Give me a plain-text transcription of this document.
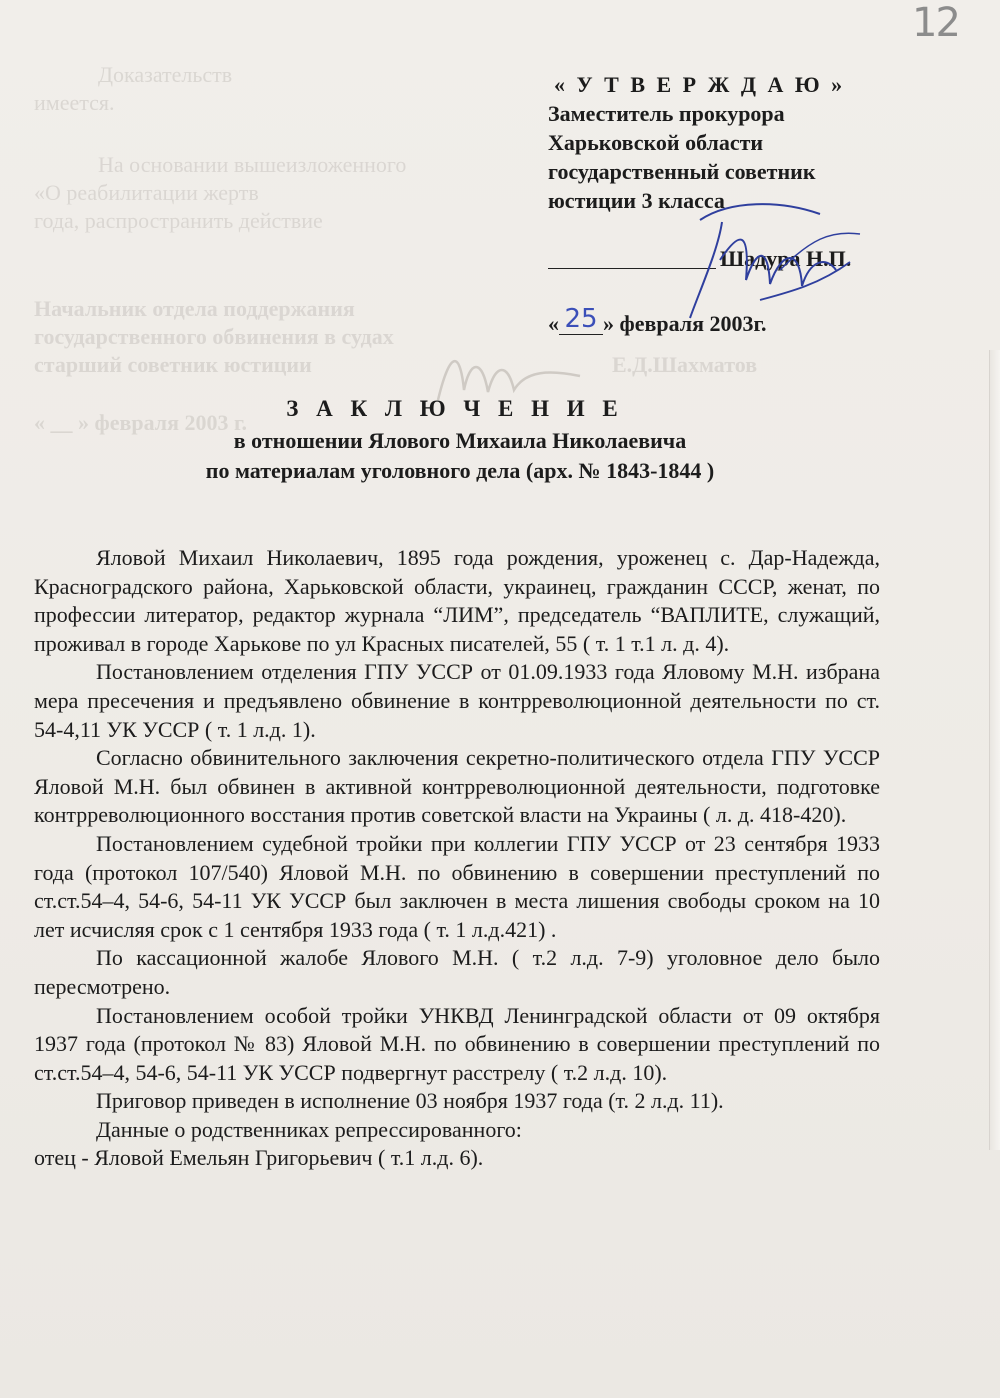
12
Доказательств
имеется.
На основании вышеизложенного
«О реабилитации жертв
года, распространить действие
Начальник отдела поддержания
государственного обвинения в судах
старший советник юстиции	Е.Д.Шахматов
« __ » февраля 2003 г.
« У Т В Е Р Ж Д А Ю »
Заместитель прокурора
Харьковской области
государственный советник
юстиции 3 класса
Шадура Н.П.
« 25 » февраля 2003г.
З А К Л Ю Ч Е Н И Е
в отношении Ялового Михаила Николаевича
по материалам уголовного дела (арх. № 1843-1844 )

Яловой Михаил Николаевич, 1895 года рождения, уроженец с. Дар-Надежда, Красноградского района, Харьковской области, украинец, гражданин СССР, женат, по профессии литератор, редактор журнала “ЛИМ”, председатель “ВАПЛИТЕ, служащий, проживал в городе Харькове по ул Красных писателей, 55 ( т. 1 т.1 л. д. 4).

Постановлением отделения ГПУ УССР от 01.09.1933 года Яловому М.Н. избрана мера пресечения и предъявлено обвинение в контрреволюционной деятельности по ст. 54-4,11 УК УССР ( т. 1 л.д. 1).

Согласно обвинительного заключения секретно-политического отдела ГПУ УССР Яловой М.Н. был обвинен в активной контрреволюционной деятельности, подготовке контрреволюционного восстания против советской власти на Украины ( л. д. 418-420).

Постановлением судебной тройки при коллегии ГПУ УССР от 23 сентября 1933 года (протокол 107/540) Яловой М.Н. по обвинению в совершении преступлений по ст.ст.54–4, 54-6, 54-11 УК УССР был заключен в места лишения свободы сроком на 10 лет исчисляя срок с 1 сентября 1933 года ( т. 1 л.д.421) .

По кассационной жалобе Ялового М.Н. ( т.2 л.д. 7-9) уголовное дело было пересмотрено.

Постановлением особой тройки УНКВД Ленинградской области от 09 октября 1937 года (протокол № 83) Яловой М.Н. по обвинению в совершении преступлений по ст.ст.54–4, 54-6, 54-11 УК УССР подвергнут расстрелу ( т.2 л.д. 10).

Приговор приведен в исполнение 03 ноября 1937 года (т. 2 л.д. 11).

Данные о родственниках репрессированного:

отец - Яловой Емельян Григорьевич ( т.1 л.д. 6).
